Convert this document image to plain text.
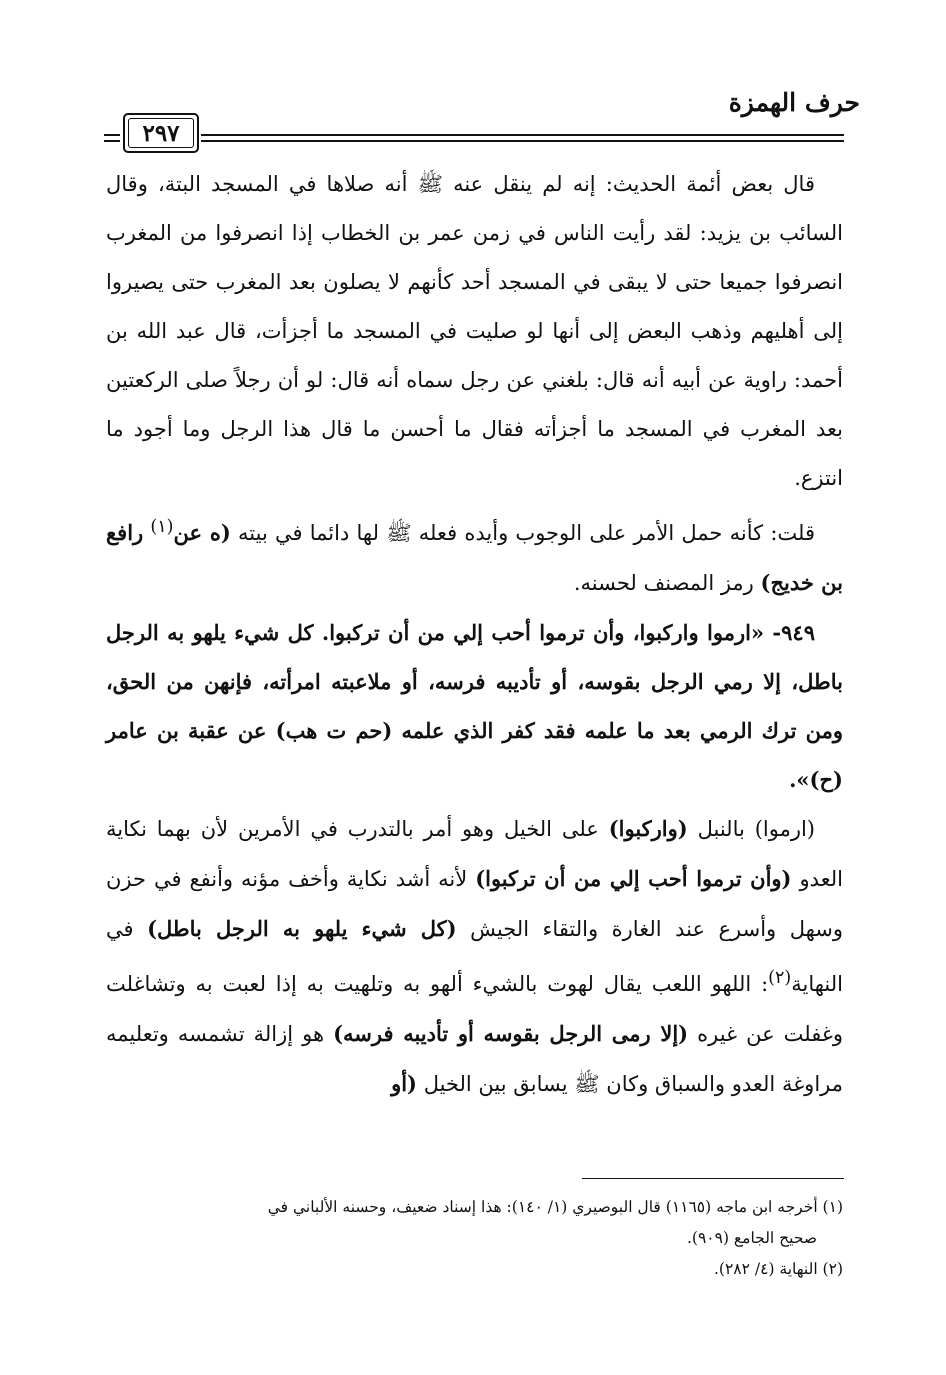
حرف الهمزة
٢٩٧

قال بعض أئمة الحديث: إنه لم ينقل عنه ﷺ أنه صلاها في المسجد البتة، وقال السائب بن يزيد: لقد رأيت الناس في زمن عمر بن الخطاب إذا انصرفوا من المغرب انصرفوا جميعا حتى لا يبقى في المسجد أحد كأنهم لا يصلون بعد المغرب حتى يصيروا إلى أهليهم وذهب البعض إلى أنها لو صليت في المسجد ما أجزأت، قال عبد الله بن أحمد: راوية عن أبيه أنه قال: بلغني عن رجل سماه أنه قال: لو أن رجلاً صلى الركعتين بعد المغرب في المسجد ما أجزأته فقال ما أحسن ما قال هذا الرجل وما أجود ما انتزع.

قلت: كأنه حمل الأمر على الوجوب وأيده فعله ﷺ لها دائما في بيته (ه عن$^{(١)}$ رافع بن خديج) رمز المصنف لحسنه.

٩٤٩- «ارموا واركبوا، وأن ترموا أحب إلي من أن تركبوا. كل شيء يلهو به الرجل باطل، إلا رمي الرجل بقوسه، أو تأديبه فرسه، أو ملاعبته امرأته، فإنهن من الحق، ومن ترك الرمي بعد ما علمه فقد كفر الذي علمه (حم ت هب) عن عقبة بن عامر (ح)».

(ارموا) بالنبل (واركبوا) على الخيل وهو أمر بالتدرب في الأمرين لأن بهما نكاية العدو (وأن ترموا أحب إلي من أن تركبوا) لأنه أشد نكاية وأخف مؤنه وأنفع في حزن وسهل وأسرع عند الغارة والتقاء الجيش (كل شيء يلهو به الرجل باطل) في النهاية$^{(٢)}$: اللهو اللعب يقال لهوت بالشيء ألهو به وتلهيت به إذا لعبت به وتشاغلت وغفلت عن غيره (إلا رمى الرجل بقوسه أو تأديبه فرسه) هو إزالة تشمسه وتعليمه مراوغة العدو والسباق وكان ﷺ يسابق بين الخيل (أو

(١) أخرجه ابن ماجه (١١٦٥) قال البوصيري (١/ ١٤٠): هذا إسناد ضعيف، وحسنه الألباني في

صحيح الجامع (٩٠٩).

(٢) النهاية (٤/ ٢٨٢).
